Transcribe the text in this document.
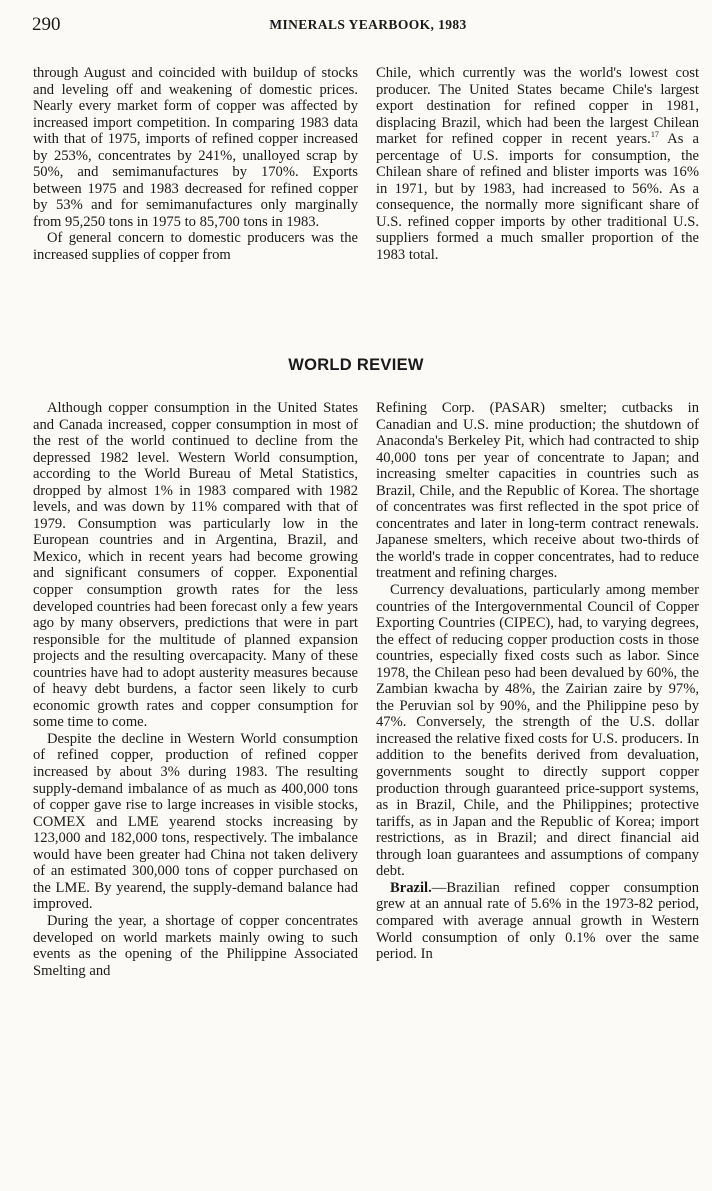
290	MINERALS YEARBOOK, 1983

through August and coincided with buildup of stocks and leveling off and weakening of domestic prices. Nearly every market form of copper was affected by increased import competition. In comparing 1983 data with that of 1975, imports of refined copper increased by 253%, concentrates by 241%, unalloyed scrap by 50%, and semimanufactures by 170%. Exports between 1975 and 1983 decreased for refined copper by 53% and for semimanufactures only marginally from 95,250 tons in 1975 to 85,700 tons in 1983.

Of general concern to domestic producers was the increased supplies of copper from

Chile, which currently was the world's lowest cost producer. The United States became Chile's largest export destination for refined copper in 1981, displacing Brazil, which had been the largest Chilean market for refined copper in recent years.$^{17}$ As a percentage of U.S. imports for consumption, the Chilean share of refined and blister imports was 16% in 1971, but by 1983, had increased to 56%. As a consequence, the normally more significant share of U.S. refined copper imports by other traditional U.S. suppliers formed a much smaller proportion of the 1983 total.

WORLD REVIEW

Although copper consumption in the United States and Canada increased, copper consumption in most of the rest of the world continued to decline from the depressed 1982 level. Western World consumption, according to the World Bureau of Metal Statistics, dropped by almost 1% in 1983 compared with 1982 levels, and was down by 11% compared with that of 1979. Consumption was particularly low in the European countries and in Argentina, Brazil, and Mexico, which in recent years had become growing and significant consumers of copper. Exponential copper consumption growth rates for the less developed countries had been forecast only a few years ago by many observers, predictions that were in part responsible for the multitude of planned expansion projects and the resulting overcapacity. Many of these countries have had to adopt austerity measures because of heavy debt burdens, a factor seen likely to curb economic growth rates and copper consumption for some time to come.

Despite the decline in Western World consumption of refined copper, production of refined copper increased by about 3% during 1983. The resulting supply-demand imbalance of as much as 400,000 tons of copper gave rise to large increases in visible stocks, COMEX and LME yearend stocks increasing by 123,000 and 182,000 tons, respectively. The imbalance would have been greater had China not taken delivery of an estimated 300,000 tons of copper purchased on the LME. By yearend, the supply-demand balance had improved.

During the year, a shortage of copper concentrates developed on world markets mainly owing to such events as the opening of the Philippine Associated Smelting and

Refining Corp. (PASAR) smelter; cutbacks in Canadian and U.S. mine production; the shutdown of Anaconda's Berkeley Pit, which had contracted to ship 40,000 tons per year of concentrate to Japan; and increasing smelter capacities in countries such as Brazil, Chile, and the Republic of Korea. The shortage of concentrates was first reflected in the spot price of concentrates and later in long-term contract renewals. Japanese smelters, which receive about two-thirds of the world's trade in copper concentrates, had to reduce treatment and refining charges.

Currency devaluations, particularly among member countries of the Intergovernmental Council of Copper Exporting Countries (CIPEC), had, to varying degrees, the effect of reducing copper production costs in those countries, especially fixed costs such as labor. Since 1978, the Chilean peso had been devalued by 60%, the Zambian kwacha by 48%, the Zairian zaire by 97%, the Peruvian sol by 90%, and the Philippine peso by 47%. Conversely, the strength of the U.S. dollar increased the relative fixed costs for U.S. producers. In addition to the benefits derived from devaluation, governments sought to directly support copper production through guaranteed price-support systems, as in Brazil, Chile, and the Philippines; protective tariffs, as in Japan and the Republic of Korea; import restrictions, as in Brazil; and direct financial aid through loan guarantees and assumptions of company debt.

Brazil.—Brazilian refined copper consumption grew at an annual rate of 5.6% in the 1973-82 period, compared with average annual growth in Western World consumption of only 0.1% over the same period. In
